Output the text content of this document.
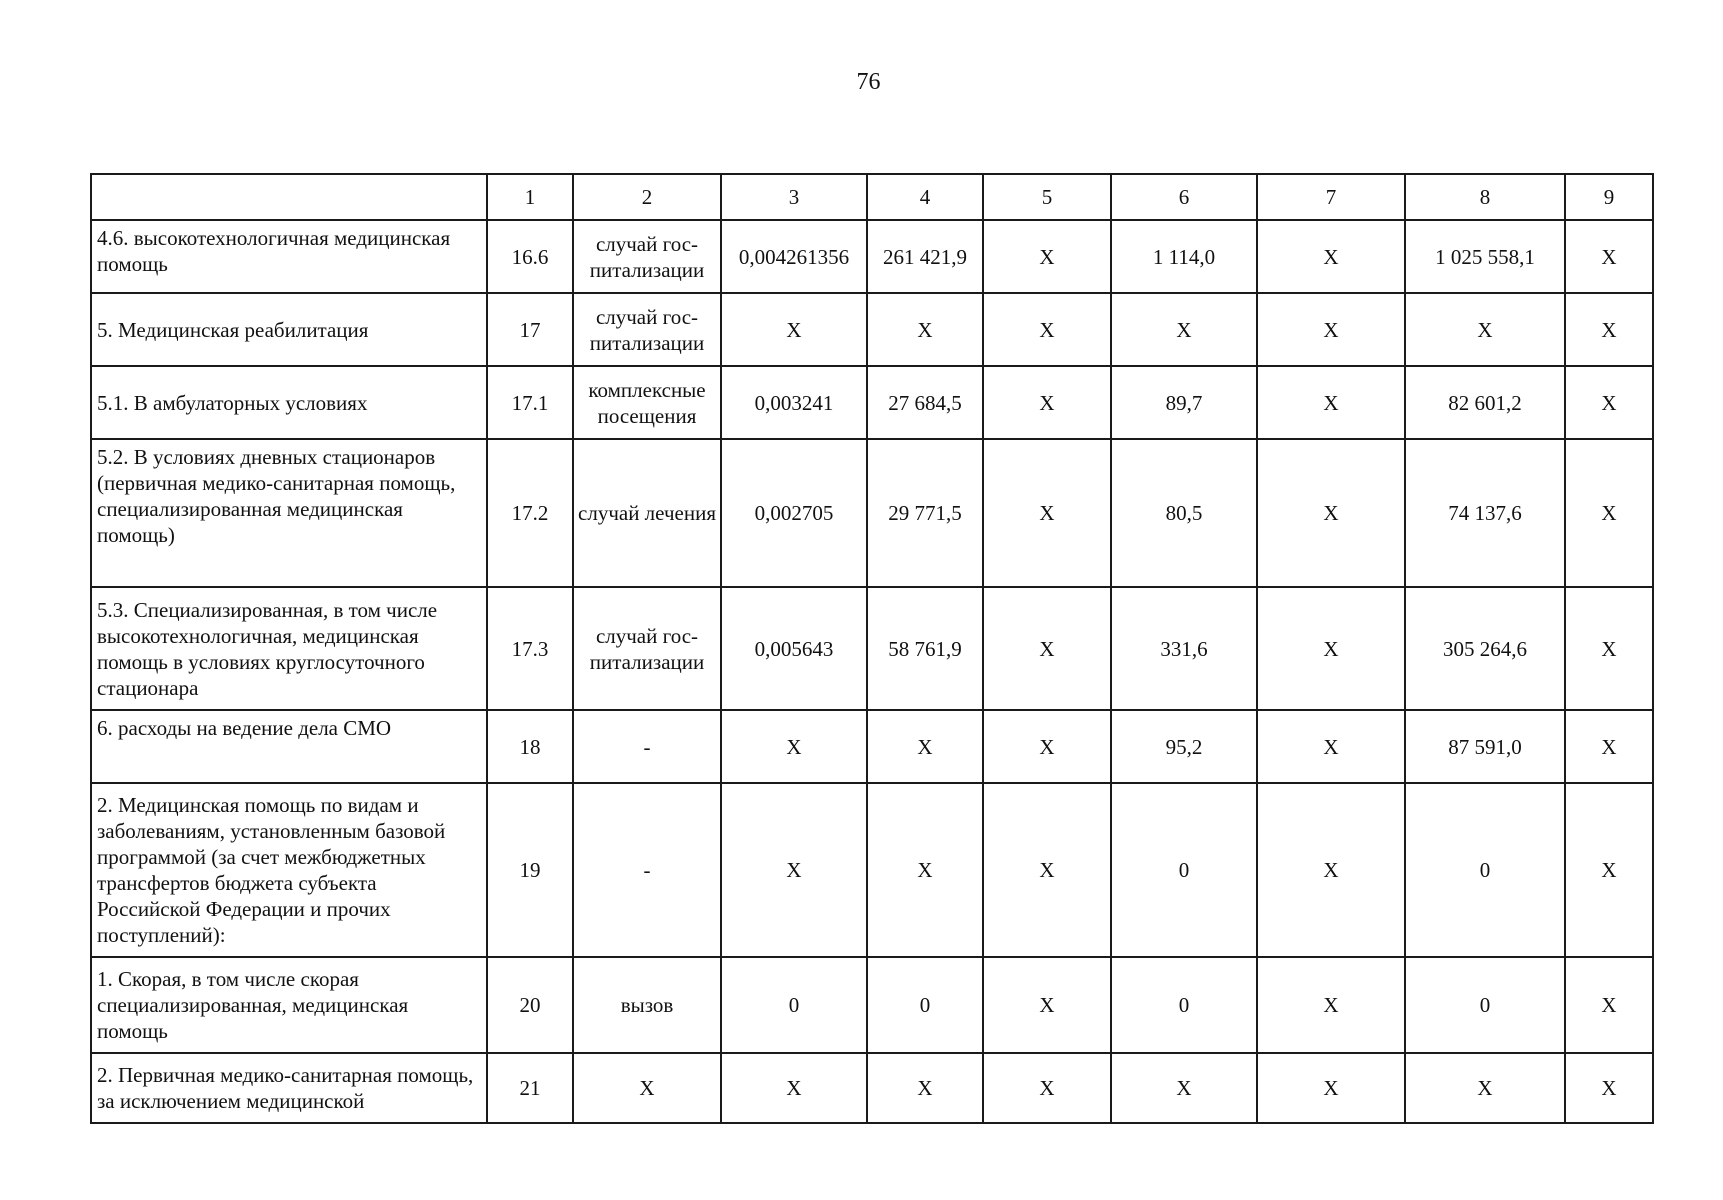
76
	1	2	3	4	5	6	7	8	9
4.6. высокотехнологичная медицинская помощь	16.6	случай гос-питализации	0,004261356	261 421,9	X	1 114,0	X	1 025 558,1	X
5. Медицинская реабилитация	17	случай гос-питализации	X	X	X	X	X	X	X
5.1. В амбулаторных условиях	17.1	комплексные посещения	0,003241	27 684,5	X	89,7	X	82 601,2	X
5.2. В условиях дневных стационаров (первичная медико-санитарная помощь, специализированная медицинская помощь)	17.2	случай лечения	0,002705	29 771,5	X	80,5	X	74 137,6	X
5.3. Специализированная, в том числе высокотехнологичная, медицинская помощь в условиях круглосуточного стационара	17.3	случай гос-питализации	0,005643	58 761,9	X	331,6	X	305 264,6	X
6. расходы на ведение дела СМО	18	-	X	X	X	95,2	X	87 591,0	X
2. Медицинская помощь по видам и заболеваниям, установленным базовой программой (за счет межбюджетных трансфертов бюджета субъекта Российской Федерации и прочих поступлений):	19	-	X	X	X	0	X	0	X
1. Скорая, в том числе скорая специализированная, медицинская помощь	20	вызов	0	0	X	0	X	0	X
2. Первичная медико-санитарная помощь, за исключением медицинской	21	X	X	X	X	X	X	X	X
